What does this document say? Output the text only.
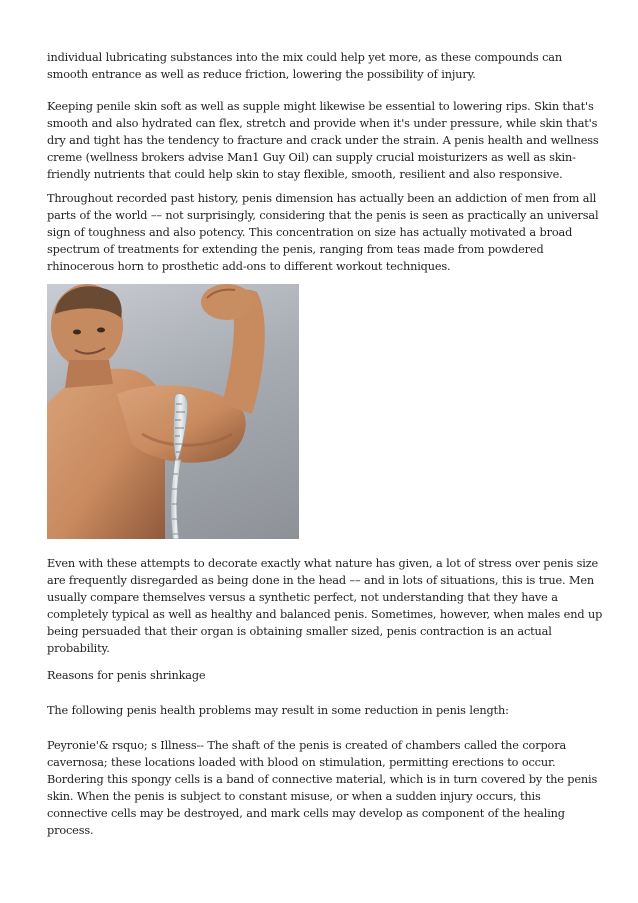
individual lubricating substances into the mix could help yet more, as these compounds can smooth entrance as well as reduce friction, lowering the possibility of injury.

Keeping penile skin soft as well as supple might likewise be essential to lowering rips. Skin that's smooth and also hydrated can flex, stretch and provide when it's under pressure, while skin that's dry and tight has the tendency to fracture and crack under the strain. A penis health and wellness creme (wellness brokers advise Man1 Guy Oil) can supply crucial moisturizers as well as skin-friendly nutrients that could help skin to stay flexible, smooth, resilient and also responsive.

Throughout recorded past history, penis dimension has actually been an addiction of men from all parts of the world –– not surprisingly, considering that the penis is seen as practically an universal sign of toughness and also potency. This concentration on size has actually motivated a broad spectrum of treatments for extending the penis, ranging from teas made from powdered rhinocerous horn to prosthetic add-ons to different workout techniques.

Even with these attempts to decorate exactly what nature has given, a lot of stress over penis size are frequently disregarded as being done in the head –– and in lots of situations, this is true. Men usually compare themselves versus a synthetic perfect, not understanding that they have a completely typical as well as healthy and balanced penis. Sometimes, however, when males end up being persuaded that their organ is obtaining smaller sized, penis contraction is an actual probability.

Reasons for penis shrinkage

The following penis health problems may result in some reduction in penis length:

Peyronie'& rsquo; s Illness-- The shaft of the penis is created of chambers called the corpora cavernosa; these locations loaded with blood on stimulation, permitting erections to occur. Bordering this spongy cells is a band of connective material, which is in turn covered by the penis skin. When the penis is subject to constant misuse, or when a sudden injury occurs, this connective cells may be destroyed, and mark cells may develop as component of the healing process.
